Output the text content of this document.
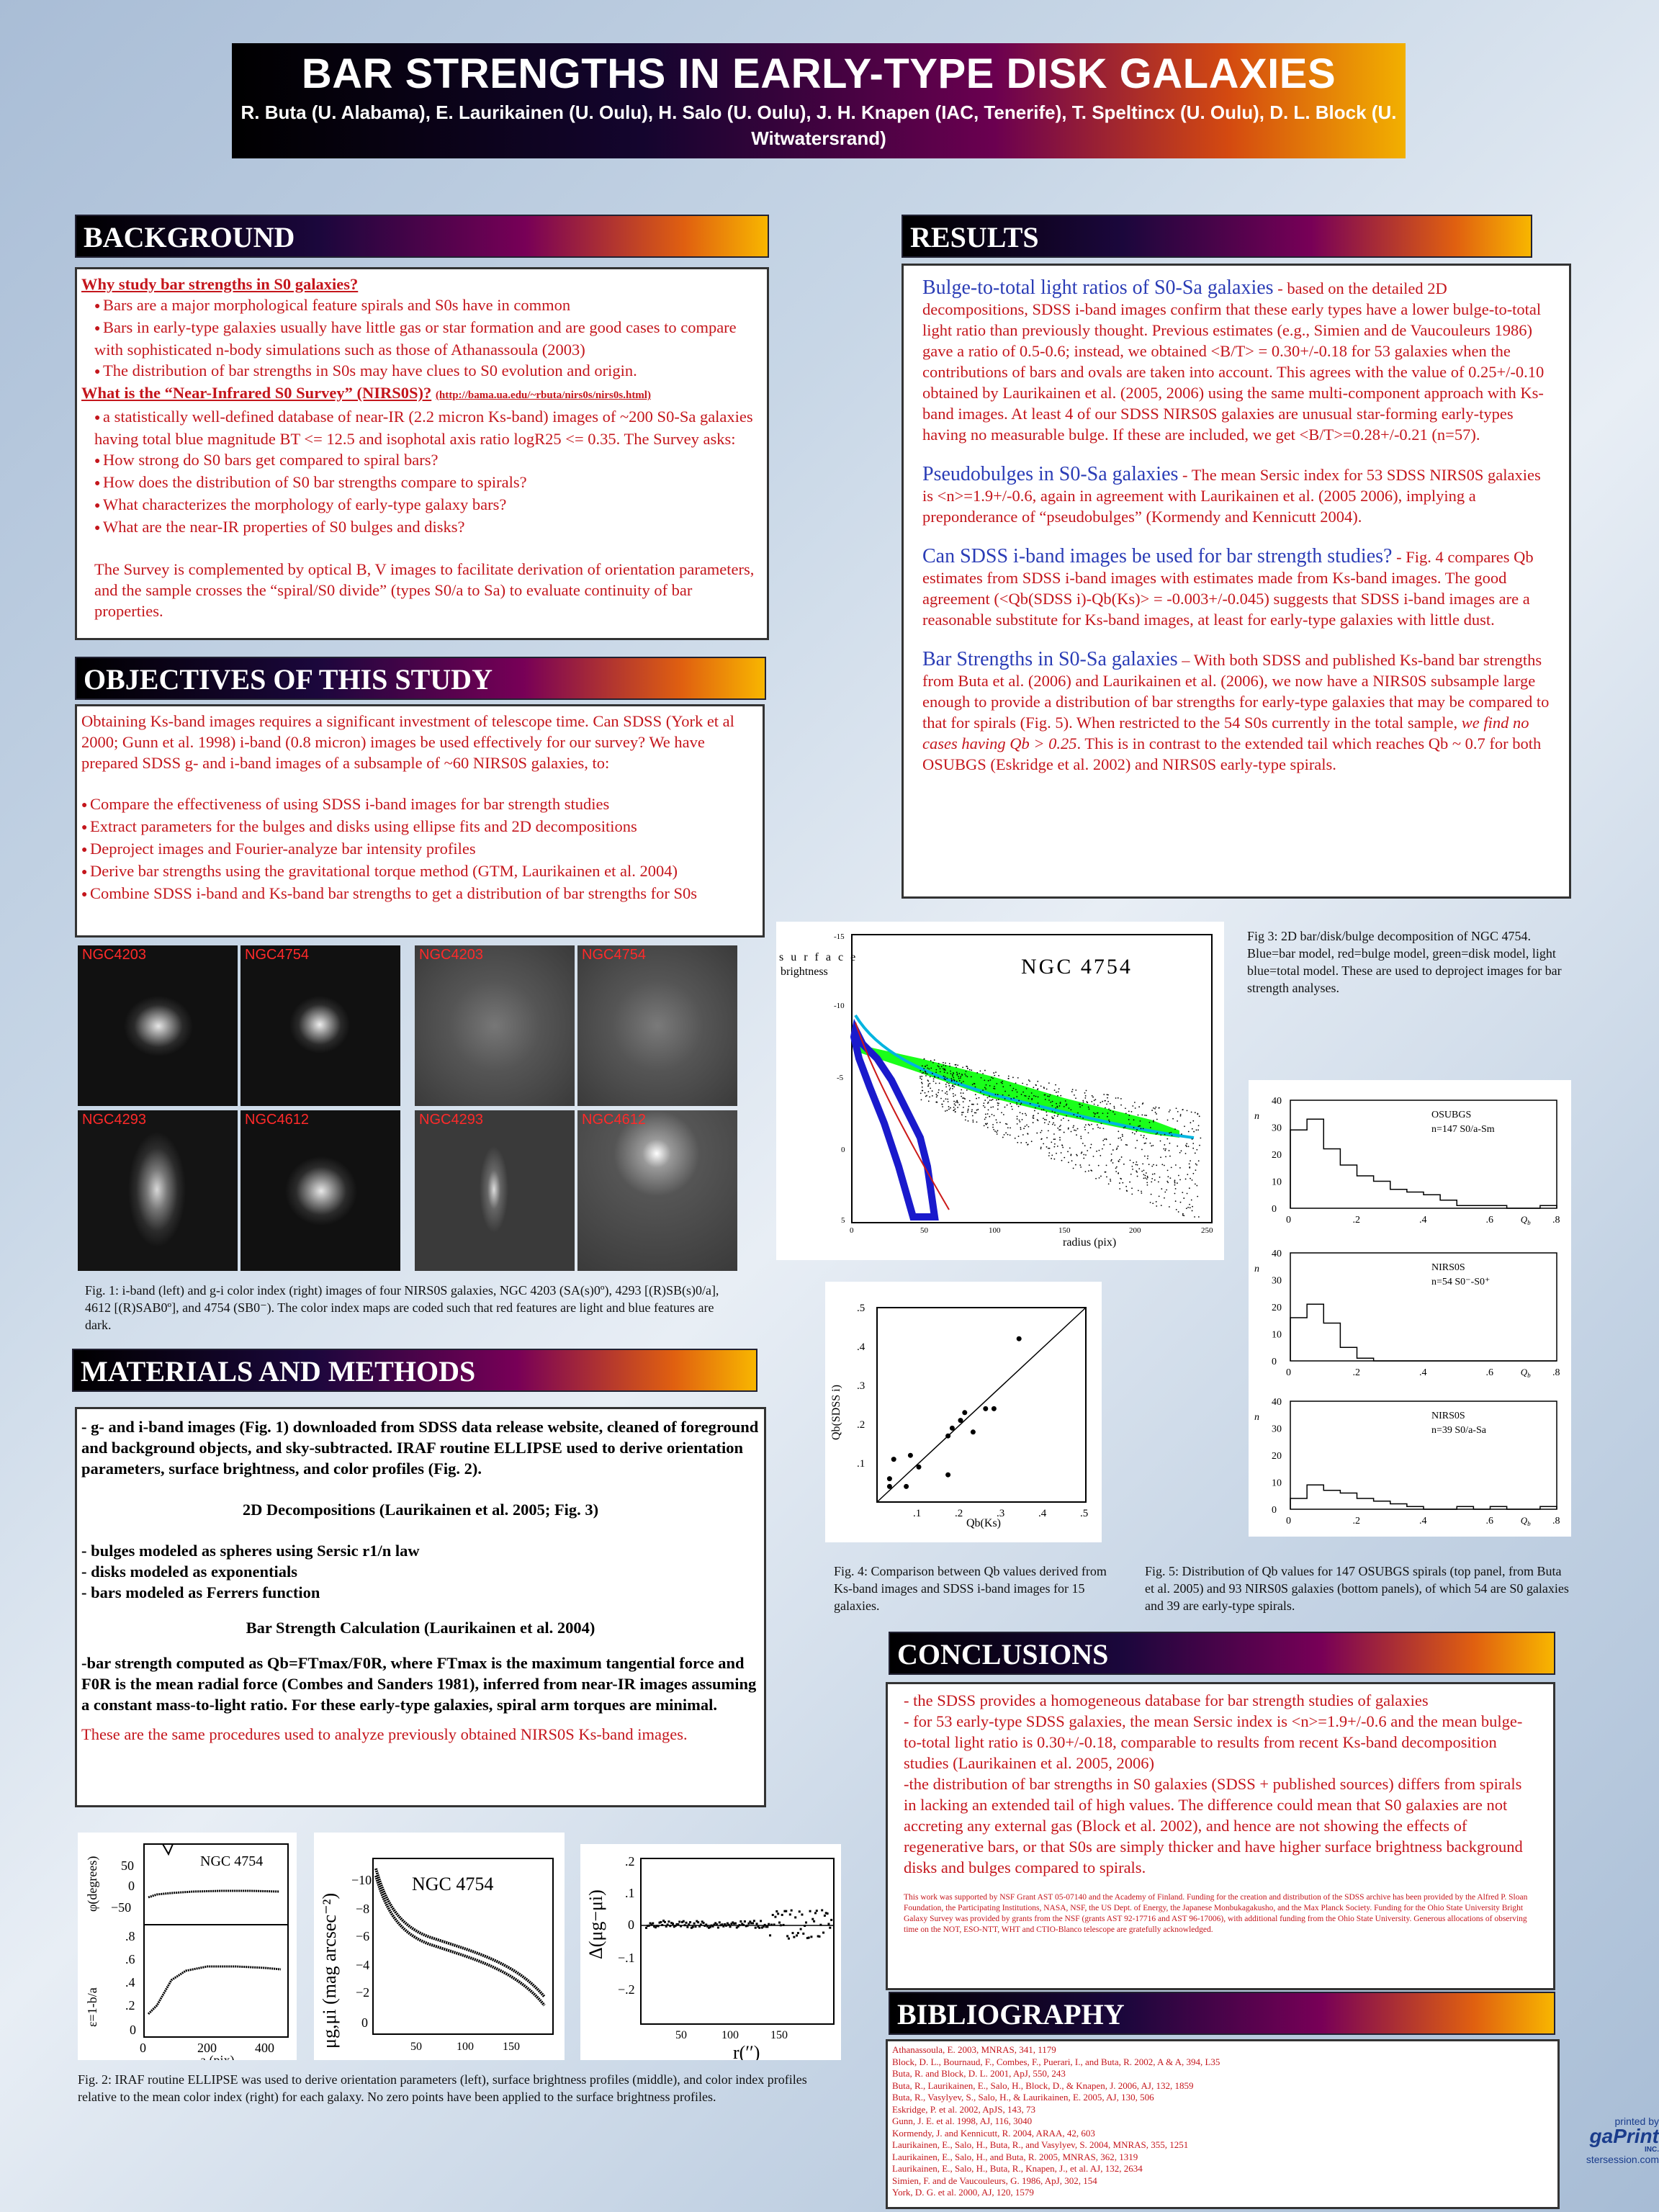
BAR STRENGTHS IN EARLY-TYPE DISK GALAXIES
R. Buta (U. Alabama), E. Laurikainen (U. Oulu), H. Salo (U. Oulu), J. H. Knapen (IAC, Tenerife), T. Speltincx (U. Oulu), D. L. Block (U. Witwatersrand)
BACKGROUND
Why study bar strengths in S0 galaxies?
● Bars are a major morphological feature spirals and S0s have in common
● Bars in early-type galaxies usually have little gas or star formation and are good cases to compare with sophisticated n-body simulations such as those of Athanassoula (2003)
● The distribution of bar strengths in S0s may have clues to S0 evolution and origin.
What is the “Near-Infrared S0 Survey” (NIRS0S)? (http://bama.ua.edu/~rbuta/nirs0s/nirs0s.html)
● a statistically well-defined database of near-IR (2.2 micron Ks-band) images of ~200 S0-Sa galaxies having total blue magnitude BT <= 12.5 and isophotal axis ratio logR25 <= 0.35. The Survey asks:
● How strong do S0 bars get compared to spiral bars?
● How does the distribution of S0 bar strengths compare to spirals?
● What characterizes the morphology of early-type galaxy bars?
● What are the near-IR properties of S0 bulges and disks?
The Survey is complemented by optical B, V images to facilitate derivation of orientation parameters, and the sample crosses the “spiral/S0 divide” (types S0/a to Sa) to evaluate continuity of bar properties.
OBJECTIVES OF THIS STUDY
Obtaining Ks-band images requires a significant investment of telescope time. Can SDSS (York et al 2000; Gunn et al. 1998) i-band (0.8 micron) images be used effectively for our survey? We have prepared SDSS g- and i-band images of a subsample of ~60 NIRS0S galaxies, to:
● Compare the effectiveness of using SDSS i-band images for bar strength studies
● Extract parameters for the bulges and disks using ellipse fits and 2D decompositions
● Deproject images and Fourier-analyze bar intensity profiles
● Derive bar strengths using the gravitational torque method (GTM, Laurikainen et al. 2004)
● Combine SDSS i-band and Ks-band bar strengths to get a distribution of bar strengths for S0s
NGC4203	NGC4754
NGC4293	NGC4612
NGC4203	NGC4754
NGC4293	NGC4612
Fig. 1: i-band (left) and g-i color index (right) images of four NIRS0S galaxies, NGC 4203 (SA(s)0º), 4293 [(R)SB(s)0/a], 4612 [(R)SAB0º], and 4754 (SB0⁻). The color index maps are coded such that red features are light and blue features are dark.
MATERIALS AND METHODS
- g- and i-band images (Fig. 1) downloaded from SDSS data release website, cleaned of foreground and background objects, and sky-subtracted. IRAF routine ELLIPSE used to derive orientation parameters, surface brightness, and color profiles (Fig. 2).
2D Decompositions (Laurikainen et al. 2005; Fig. 3)
- bulges modeled as spheres using Sersic r1/n law
- disks modeled as exponentials
- bars modeled as Ferrers function
Bar Strength Calculation (Laurikainen et al. 2004)
-bar strength computed as Qb=FTmax/F0R, where FTmax is the maximum tangential force and F0R is the mean radial force (Combes and Sanders 1981), inferred from near-IR images assuming a constant mass-to-light ratio. For these early-type galaxies, spiral arm torques are minimal.
These are the same procedures used to analyze previously obtained NIRS0S Ks-band images.
NGC 4754
50
0
−50
.8
.6
.4
.2
0
0	200	400
φ(degrees)
ε=1-b/a
a (pix)
NGC 4754
−10
−8
−6
−4
−2
0
50	100	150
μg,μi (mag arcsec⁻²)
.2
.1
0
−.1
−.2
50	100	150
Δ(μg−μi)
r(′′)
Fig. 2: IRAF routine ELLIPSE was used to derive orientation parameters (left), surface brightness profiles (middle), and color index profiles relative to the mean color index (right) for each galaxy. No zero points have been applied to the surface brightness profiles.
RESULTS

Bulge-to-total light ratios of S0-Sa galaxies - based on the detailed 2D decompositions, SDSS i-band images confirm that these early types have a lower bulge-to-total light ratio than previously thought. Previous estimates (e.g., Simien and de Vaucouleurs 1986) gave a ratio of 0.5-0.6; instead, we obtained <B/T> = 0.30+/-0.18 for 53 galaxies when the contributions of bars and ovals are taken into account. This agrees with the value of 0.25+/-0.10 obtained by Laurikainen et al. (2005, 2006) using the same multi-component approach with Ks-band images. At least 4 of our SDSS NIRS0S galaxies are unusual star-forming early-types having no measurable bulge. If these are included, we get <B/T>=0.28+/-0.21 (n=57).

Pseudobulges in S0-Sa galaxies - The mean Sersic index for 53 SDSS NIRS0S galaxies is <n>=1.9+/-0.6, again in agreement with Laurikainen et al. (2005 2006), implying a preponderance of “pseudobulges” (Kormendy and Kennicutt 2004).

Can SDSS i-band images be used for bar strength studies? - Fig. 4 compares Qb estimates from SDSS i-band images with estimates made from Ks-band images. The good agreement (<Qb(SDSS i)-Qb(Ks)> = -0.003+/-0.045) suggests that SDSS i-band images are a reasonable substitute for Ks-band images, at least for early-type galaxies with little dust.

Bar Strengths in S0-Sa galaxies – With both SDSS and published Ks-band bar strengths from Buta et al. (2006) and Laurikainen et al. (2006), we now have a NIRS0S subsample large enough to provide a distribution of bar strengths for early-type galaxies that may be compared to that for spirals (Fig. 5). When restricted to the 54 S0s currently in the total sample, we find no cases having Qb > 0.25. This is in contrast to the extended tail which reaches Qb ~ 0.7 for both OSUBGS (Eskridge et al. 2002) and NIRS0S early-type spirals.

s u r f a c e
brightness	NGC 4754
-15
-10
-5
0
5
0	50	100	150	200	250
radius (pix)
Fig 3: 2D bar/disk/bulge decomposition of NGC 4754. Blue=bar model, red=bulge model, green=disk model, light blue=total model. These are used to deproject images for bar strength analyses.
.1
.1
.2
.2
.3
.3
.4
.4
.5
.5
Qb(Ks)
Qb(SDSS i)
Fig. 4: Comparison between Qb values derived from Ks-band images and SDSS i-band images for 15 galaxies.
0
10
20
30
40
0	.2	.4	.6	.8
$Q_b$
n	OSUBGS
n=147 S0/a-Sm
0
10
20
30
40
0	.2	.4	.6	.8
$Q_b$
n	NIRS0S
n=54 S0⁻-S0⁺
0
10
20
30
40
0	.2	.4	.6	.8
$Q_b$
n	NIRS0S
n=39 S0/a-Sa
Fig. 5: Distribution of Qb values for 147 OSUBGS spirals (top panel, from Buta et al. 2005) and 93 NIRS0S galaxies (bottom panels), of which 54 are S0 galaxies and 39 are early-type spirals.
CONCLUSIONS
- the SDSS provides a homogeneous database for bar strength studies of galaxies
- for 53 early-type SDSS galaxies, the mean Sersic index is <n>=1.9+/-0.6 and the mean bulge-to-total light ratio is 0.30+/-0.18, comparable to results from recent Ks-band decomposition studies (Laurikainen et al. 2005, 2006)
-the distribution of bar strengths in S0 galaxies (SDSS + published sources) differs from spirals in lacking an extended tail of high values. The difference could mean that S0 galaxies are not accreting any external gas (Block et al. 2002), and hence are not showing the effects of regenerative bars, or that S0s are simply thicker and have higher surface brightness background disks and bulges compared to spirals.
This work was supported by NSF Grant AST 05-07140 and the Academy of Finland. Funding for the creation and distribution of the SDSS archive has been provided by the Alfred P. Sloan Foundation, the Participating Institutions, NASA, NSF, the US Dept. of Energy, the Japanese Monbukagakusho, and the Max Planck Society. Funding for the Ohio State University Bright Galaxy Survey was provided by grants from the NSF (grants AST 92-17716 and AST 96-17006), with additional funding from the Ohio State University. Generous allocations of observing time on the NOT, ESO-NTT, WHT and CTIO-Blanco telescope are gratefully acknowledged.
BIBLIOGRAPHY
Athanassoula, E. 2003, MNRAS, 341, 1179
Block, D. L., Bournaud, F., Combes, F., Puerari, I., and Buta, R. 2002, A & A, 394, L35
Buta, R. and Block, D. L. 2001, ApJ, 550, 243
Buta, R., Laurikainen, E., Salo, H., Block, D., & Knapen, J. 2006, AJ, 132, 1859
Buta, R., Vasylyev, S., Salo, H., & Laurikainen, E. 2005, AJ, 130, 506
Eskridge, P. et al. 2002, ApJS, 143, 73
Gunn, J. E. et al. 1998, AJ, 116, 3040
Kormendy, J. and Kennicutt, R. 2004, ARAA, 42, 603
Laurikainen, E., Salo, H., Buta, R., and Vasylyev, S. 2004, MNRAS, 355, 1251
Laurikainen, E., Salo, H., and Buta, R. 2005, MNRAS, 362, 1319
Laurikainen, E., Salo, H., Buta, R., Knapen, J., et al. AJ, 132, 2634
Simien, F. and de Vaucouleurs, G. 1986, ApJ, 302, 154
York, D. G. et al. 2000, AJ, 120, 1579
printed by
gaPrint
INC.
stersession.com
